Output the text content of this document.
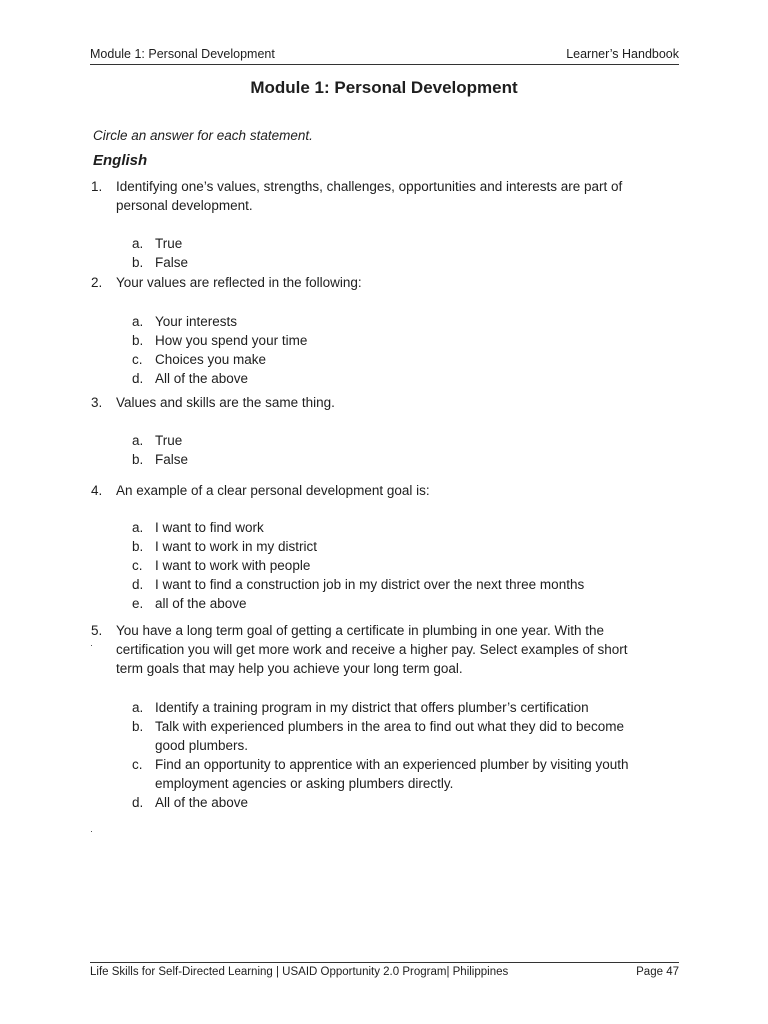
Module 1: Personal Development	Learner’s Handbook
Module 1: Personal Development
Circle an answer for each statement.
English
1. Identifying one’s values, strengths, challenges, opportunities and interests are part of personal development.
a. True
b. False
2. Your values are reflected in the following:
a. Your interests
b. How you spend your time
c. Choices you make
d. All of the above
3. Values and skills are the same thing.
a. True
b. False
4. An example of a clear personal development goal is:
a. I want to find work
b. I want to work in my district
c. I want to work with people
d. I want to find a construction job in my district over the next three months
e. all of the above
5. You have a long term goal of getting a certificate in plumbing in one year. With the certification you will get more work and receive a higher pay. Select examples of short term goals that may help you achieve your long term goal.
a. Identify a training program in my district that offers plumber’s certification
b. Talk with experienced plumbers in the area to find out what they did to become good plumbers.
c. Find an opportunity to apprentice with an experienced plumber by visiting youth employment agencies or asking plumbers directly.
d. All of the above
·
·
Life Skills for Self-Directed Learning | USAID Opportunity 2.0 Program| Philippines	Page 47
